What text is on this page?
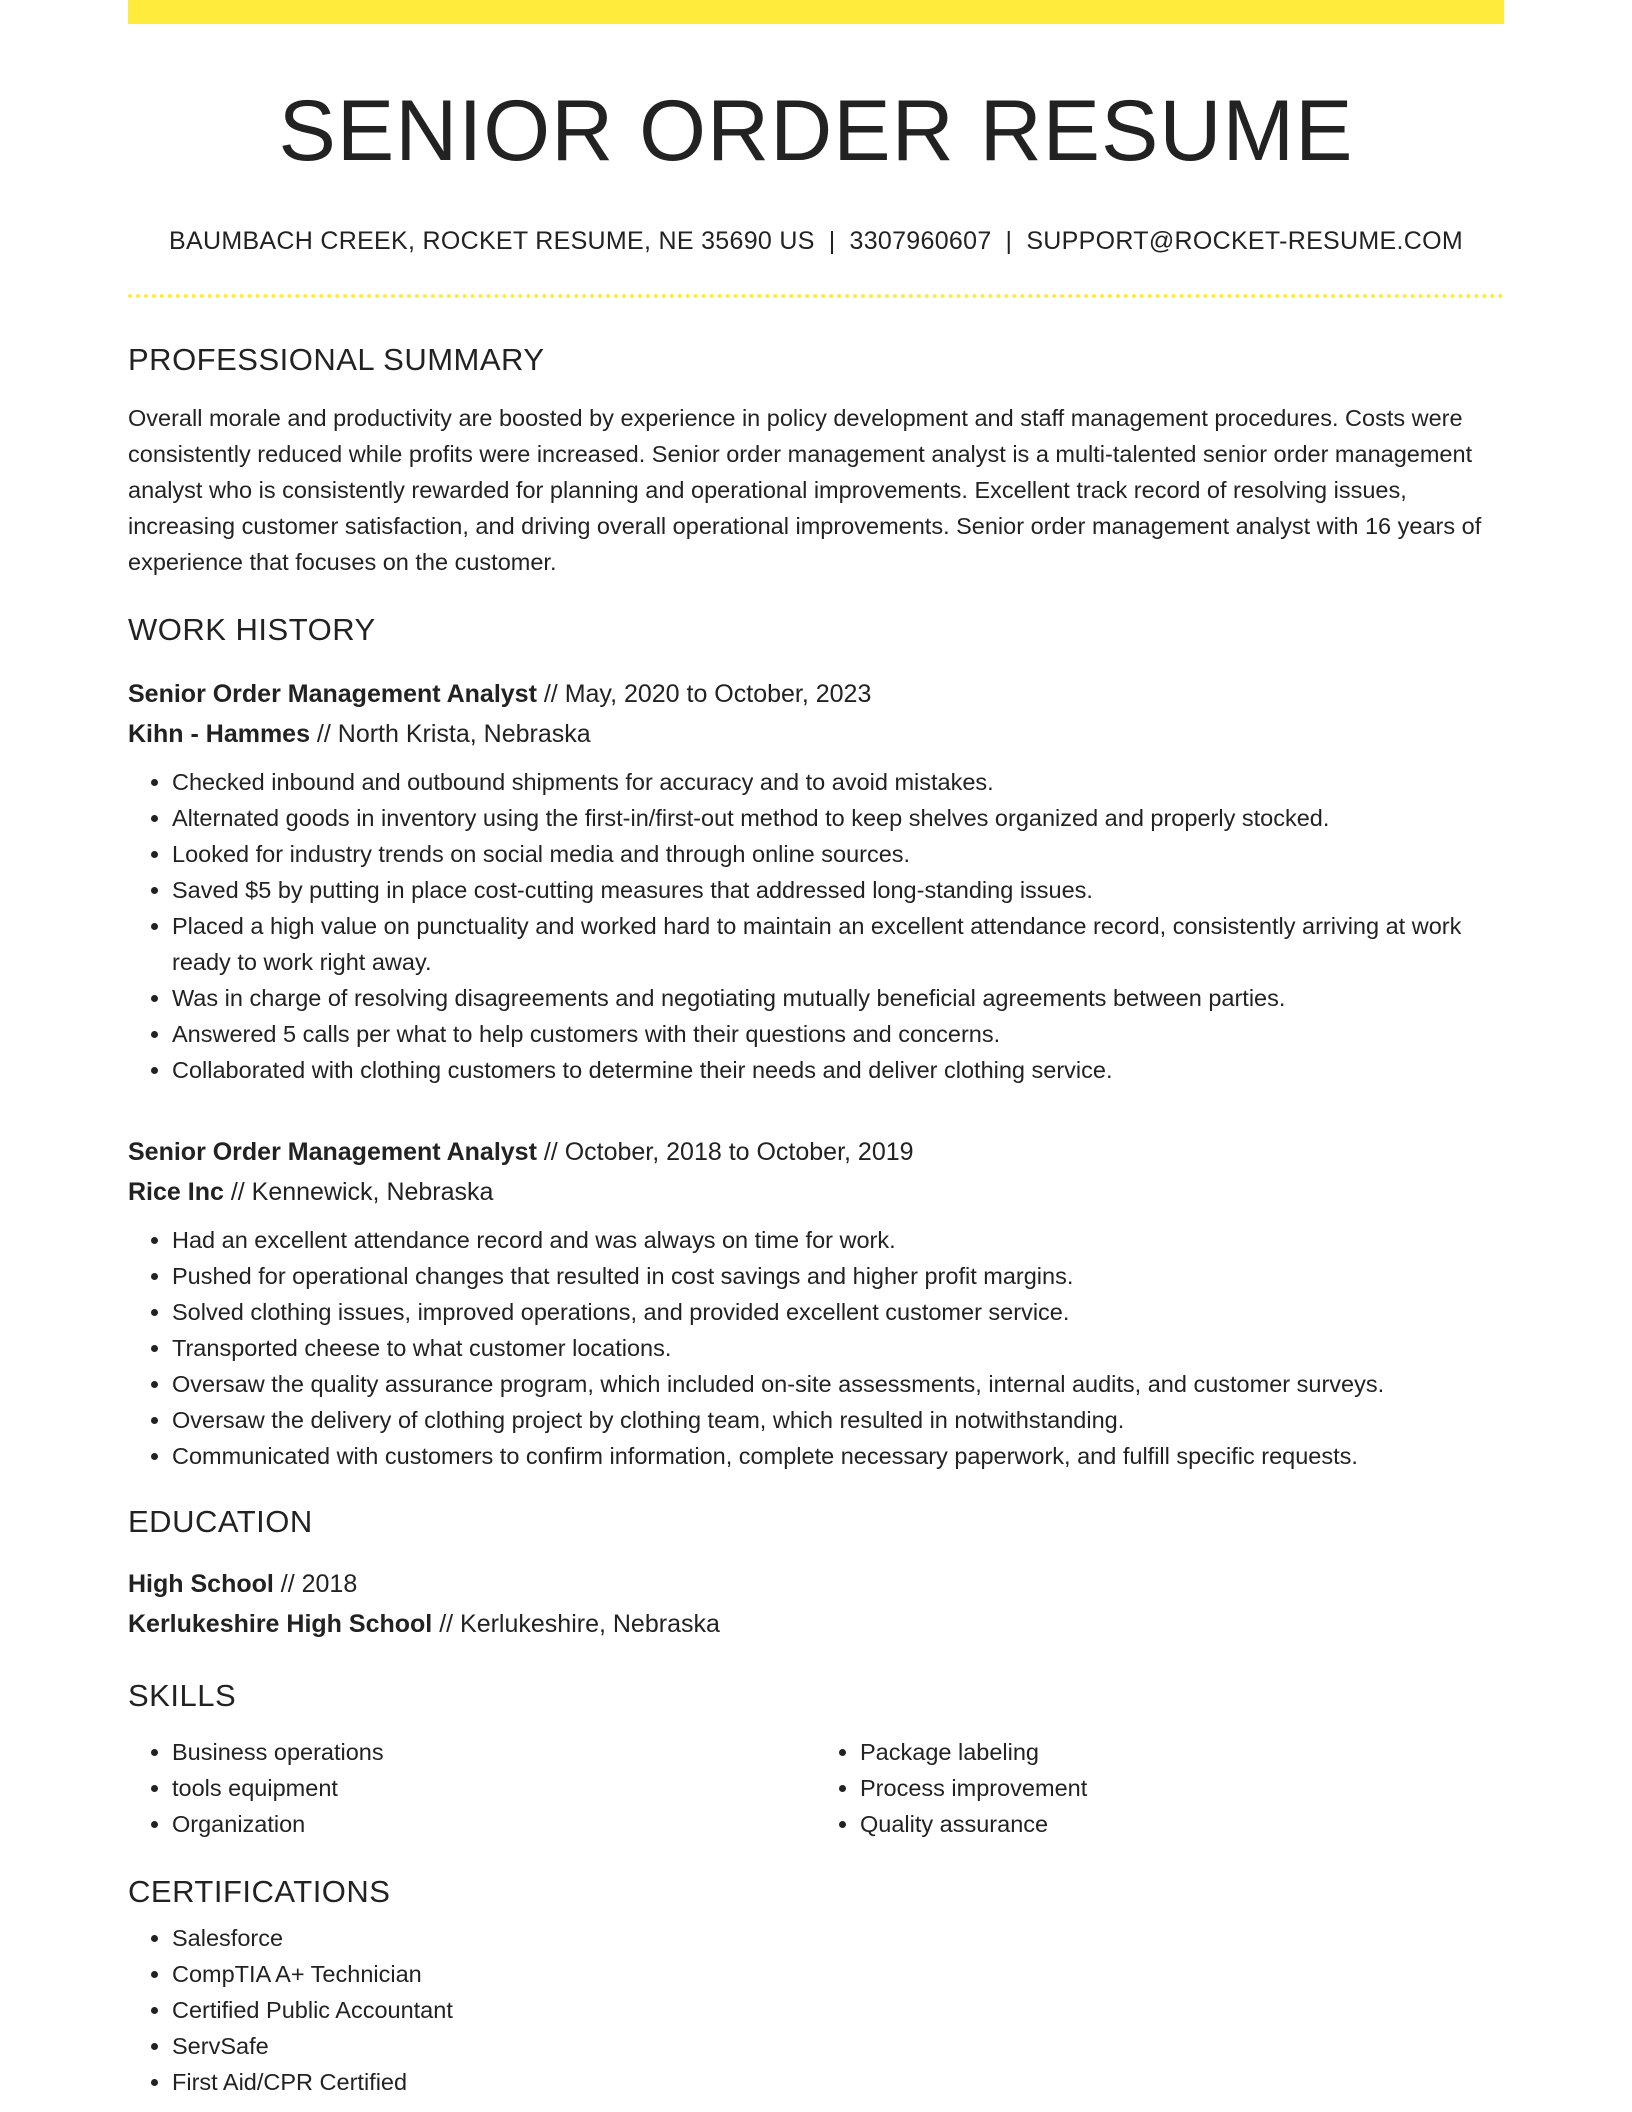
SENIOR ORDER RESUME
BAUMBACH CREEK, ROCKET RESUME, NE 35690 US | 3307960607 | SUPPORT@ROCKET-RESUME.COM
PROFESSIONAL SUMMARY
Overall morale and productivity are boosted by experience in policy development and staff management procedures. Costs were consistently reduced while profits were increased. Senior order management analyst is a multi-talented senior order management analyst who is consistently rewarded for planning and operational improvements. Excellent track record of resolving issues, increasing customer satisfaction, and driving overall operational improvements. Senior order management analyst with 16 years of experience that focuses on the customer.
WORK HISTORY
Senior Order Management Analyst // May, 2020 to October, 2023
Kihn - Hammes // North Krista, Nebraska
• Checked inbound and outbound shipments for accuracy and to avoid mistakes.
• Alternated goods in inventory using the first-in/first-out method to keep shelves organized and properly stocked.
• Looked for industry trends on social media and through online sources.
• Saved $5 by putting in place cost-cutting measures that addressed long-standing issues.
• Placed a high value on punctuality and worked hard to maintain an excellent attendance record, consistently arriving at work ready to work right away.
• Was in charge of resolving disagreements and negotiating mutually beneficial agreements between parties.
• Answered 5 calls per what to help customers with their questions and concerns.
• Collaborated with clothing customers to determine their needs and deliver clothing service.
Senior Order Management Analyst // October, 2018 to October, 2019
Rice Inc // Kennewick, Nebraska
• Had an excellent attendance record and was always on time for work.
• Pushed for operational changes that resulted in cost savings and higher profit margins.
• Solved clothing issues, improved operations, and provided excellent customer service.
• Transported cheese to what customer locations.
• Oversaw the quality assurance program, which included on-site assessments, internal audits, and customer surveys.
• Oversaw the delivery of clothing project by clothing team, which resulted in notwithstanding.
• Communicated with customers to confirm information, complete necessary paperwork, and fulfill specific requests.
EDUCATION
High School // 2018
Kerlukeshire High School // Kerlukeshire, Nebraska
SKILLS
• Business operations
• tools equipment
• Organization
• Package labeling
• Process improvement
• Quality assurance
CERTIFICATIONS
• Salesforce
• CompTIA A+ Technician
• Certified Public Accountant
• ServSafe
• First Aid/CPR Certified
